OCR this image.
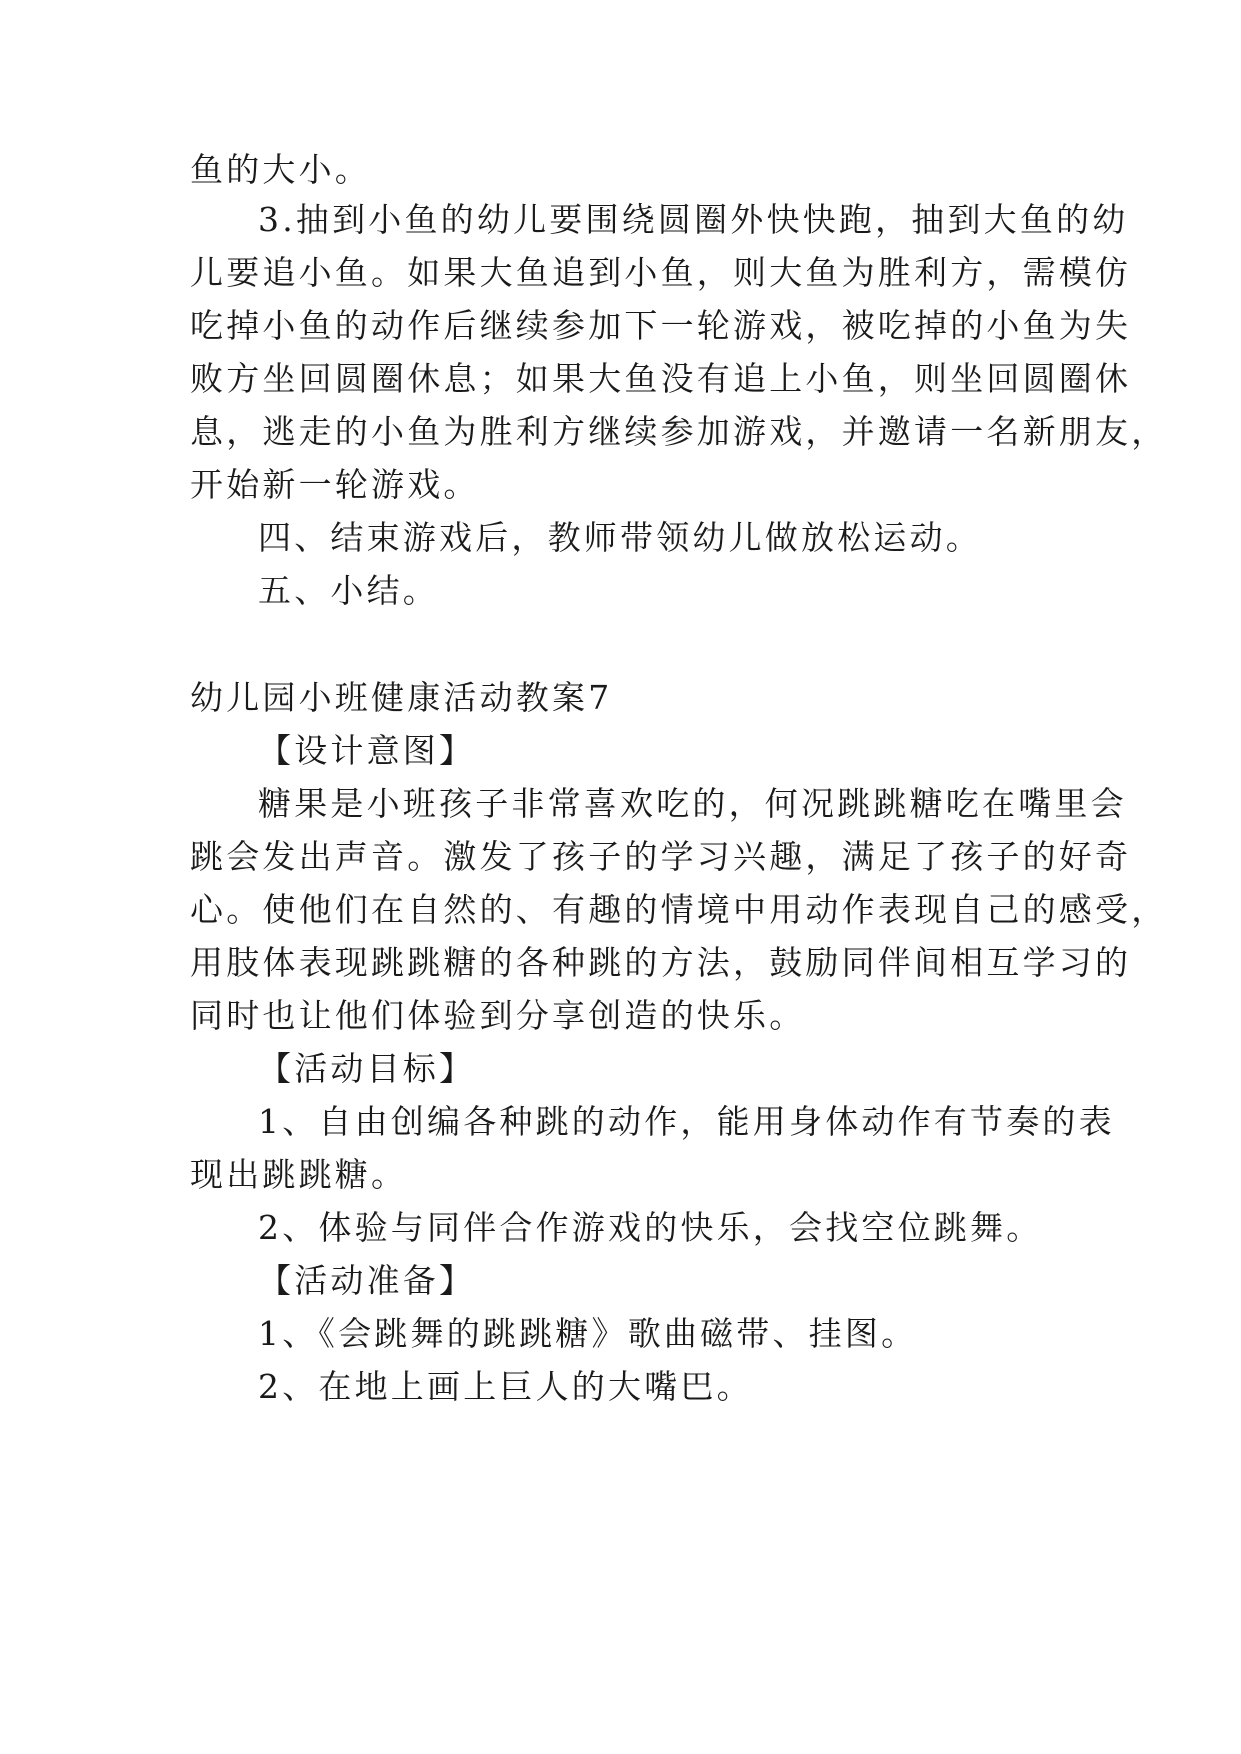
鱼的大小。
3.抽到小鱼的幼儿要围绕圆圈外快快跑，抽到大鱼的幼
儿要追小鱼。如果大鱼追到小鱼，则大鱼为胜利方，需模仿
吃掉小鱼的动作后继续参加下一轮游戏，被吃掉的小鱼为失
败方坐回圆圈休息；如果大鱼没有追上小鱼，则坐回圆圈休
息，逃走的小鱼为胜利方继续参加游戏，并邀请一名新朋友，
开始新一轮游戏。
四、结束游戏后，教师带领幼儿做放松运动。
五、小结。
幼儿园小班健康活动教案7
【设计意图】
糖果是小班孩子非常喜欢吃的，何况跳跳糖吃在嘴里会
跳会发出声音。激发了孩子的学习兴趣，满足了孩子的好奇
心。使他们在自然的、有趣的情境中用动作表现自己的感受，
用肢体表现跳跳糖的各种跳的方法，鼓励同伴间相互学习的
同时也让他们体验到分享创造的快乐。
【活动目标】
1、自由创编各种跳的动作，能用身体动作有节奏的表
现出跳跳糖。
2、体验与同伴合作游戏的快乐，会找空位跳舞。
【活动准备】
1、《会跳舞的跳跳糖》歌曲磁带、挂图。
2、在地上画上巨人的大嘴巴。
